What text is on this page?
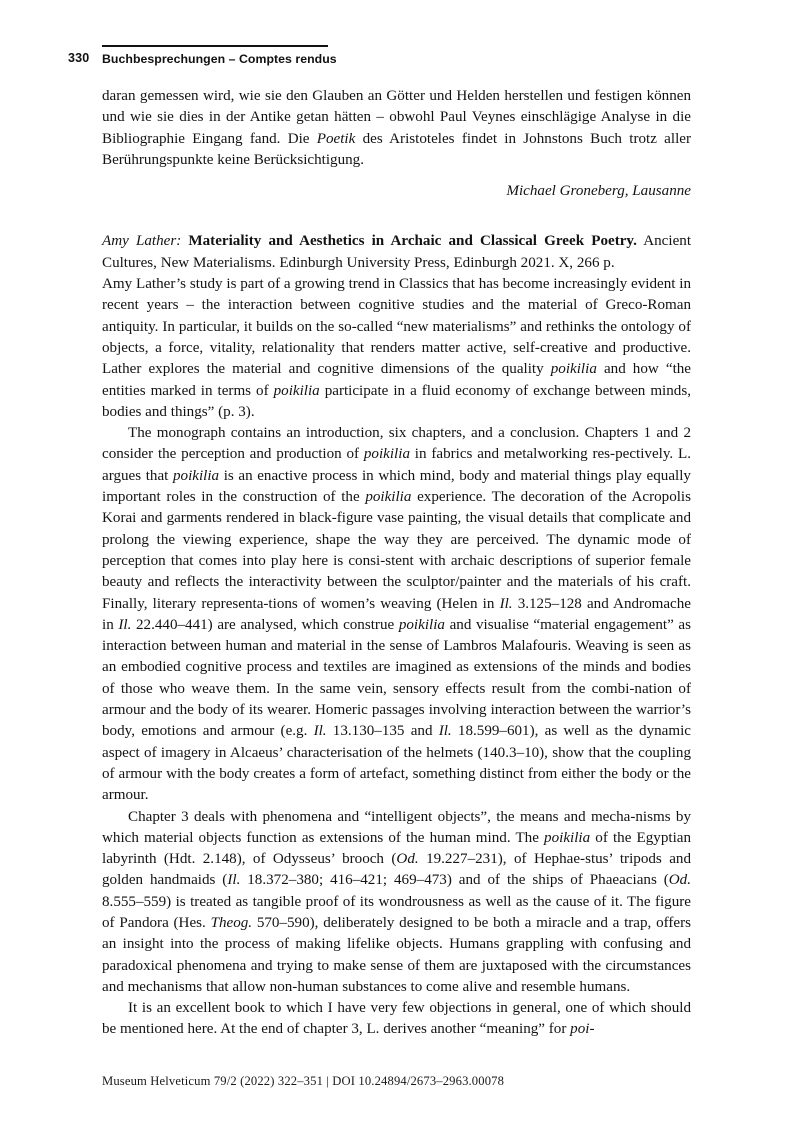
330	Buchbesprechungen – Comptes rendus

daran gemessen wird, wie sie den Glauben an Götter und Helden herstellen und festigen können und wie sie dies in der Antike getan hätten – obwohl Paul Veynes einschlägige Analyse in die Bibliographie Eingang fand. Die Poetik des Aristoteles findet in Johnstons Buch trotz aller Berührungspunkte keine Berücksichtigung.

Michael Groneberg, Lausanne

Amy Lather: Materiality and Aesthetics in Archaic and Classical Greek Poetry. Ancient Cultures, New Materialisms. Edinburgh University Press, Edinburgh 2021. X, 266 p.

Amy Lather’s study is part of a growing trend in Classics that has become increasingly evident in recent years – the interaction between cognitive studies and the material of Greco-Roman antiquity. In particular, it builds on the so-called “new materialisms” and rethinks the ontology of objects, a force, vitality, relationality that renders matter active, self-creative and productive. Lather explores the material and cognitive dimensions of the quality poikilia and how “the entities marked in terms of poikilia participate in a fluid economy of exchange between minds, bodies and things” (p. 3).

The monograph contains an introduction, six chapters, and a conclusion. Chapters 1 and 2 consider the perception and production of poikilia in fabrics and metalworking res-pectively. L. argues that poikilia is an enactive process in which mind, body and material things play equally important roles in the construction of the poikilia experience. The decoration of the Acropolis Korai and garments rendered in black-figure vase painting, the visual details that complicate and prolong the viewing experience, shape the way they are perceived. The dynamic mode of perception that comes into play here is consi-stent with archaic descriptions of superior female beauty and reflects the interactivity between the sculptor/painter and the materials of his craft. Finally, literary representa-tions of women’s weaving (Helen in Il. 3.125–128 and Andromache in Il. 22.440–441) are analysed, which construe poikilia and visualise “material engagement” as interaction between human and material in the sense of Lambros Malafouris. Weaving is seen as an embodied cognitive process and textiles are imagined as extensions of the minds and bodies of those who weave them. In the same vein, sensory effects result from the combi-nation of armour and the body of its wearer. Homeric passages involving interaction between the warrior’s body, emotions and armour (e.g. Il. 13.130–135 and Il. 18.599–601), as well as the dynamic aspect of imagery in Alcaeus’ characterisation of the helmets (140.3–10), show that the coupling of armour with the body creates a form of artefact, something distinct from either the body or the armour.

Chapter 3 deals with phenomena and “intelligent objects”, the means and mecha-nisms by which material objects function as extensions of the human mind. The poikilia of the Egyptian labyrinth (Hdt. 2.148), of Odysseus’ brooch (Od. 19.227–231), of Hephae-stus’ tripods and golden handmaids (Il. 18.372–380; 416–421; 469–473) and of the ships of Phaeacians (Od. 8.555–559) is treated as tangible proof of its wondrousness as well as the cause of it. The figure of Pandora (Hes. Theog. 570–590), deliberately designed to be both a miracle and a trap, offers an insight into the process of making lifelike objects. Humans grappling with confusing and paradoxical phenomena and trying to make sense of them are juxtaposed with the circumstances and mechanisms that allow non-human substances to come alive and resemble humans.

It is an excellent book to which I have very few objections in general, one of which should be mentioned here. At the end of chapter 3, L. derives another “meaning” for poi-

Museum Helveticum 79/2 (2022) 322–351 | DOI 10.24894/2673–2963.00078
